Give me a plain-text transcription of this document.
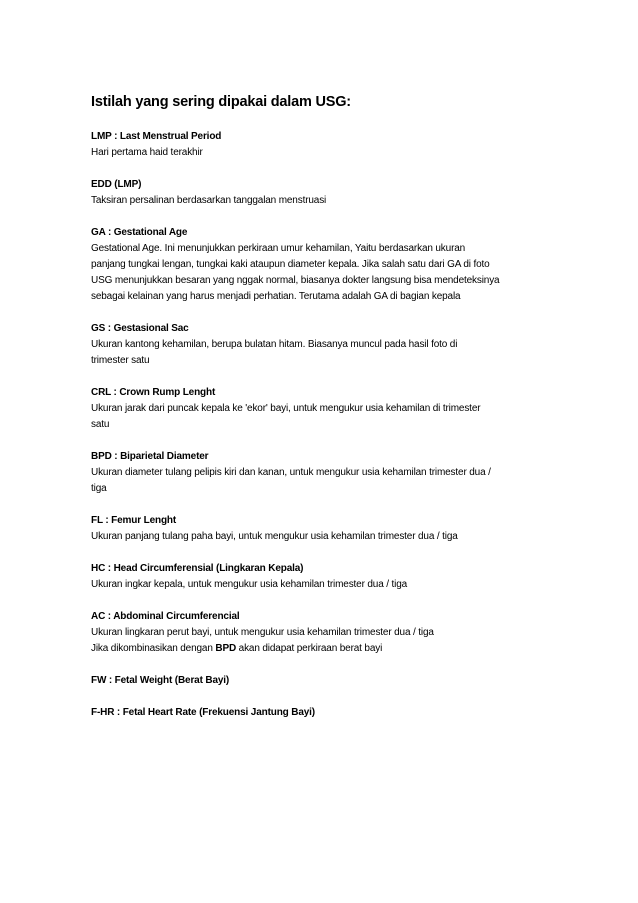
Istilah yang sering dipakai dalam USG:
LMP : Last Menstrual Period
Hari pertama haid terakhir
EDD (LMP)
Taksiran persalinan berdasarkan tanggalan menstruasi
GA : Gestational Age
Gestational Age. Ini menunjukkan perkiraan umur kehamilan, Yaitu berdasarkan ukuran
panjang tungkai lengan, tungkai kaki ataupun diameter kepala. Jika salah satu dari GA di foto
USG menunjukkan besaran yang nggak normal, biasanya dokter langsung bisa mendeteksinya
sebagai kelainan yang harus menjadi perhatian. Terutama adalah GA di bagian kepala
GS : Gestasional Sac
Ukuran kantong kehamilan, berupa bulatan hitam. Biasanya muncul pada hasil foto di
trimester satu
CRL : Crown Rump Lenght
Ukuran jarak dari puncak kepala ke 'ekor' bayi, untuk mengukur usia kehamilan di trimester
satu
BPD : Biparietal Diameter
Ukuran diameter tulang pelipis kiri dan kanan, untuk mengukur usia kehamilan trimester dua /
tiga
FL : Femur Lenght
Ukuran panjang tulang paha bayi, untuk mengukur usia kehamilan trimester dua / tiga
HC : Head Circumferensial (Lingkaran Kepala)
Ukuran ingkar kepala, untuk mengukur usia kehamilan trimester dua / tiga
AC : Abdominal Circumferencial
Ukuran lingkaran perut bayi, untuk mengukur usia kehamilan trimester dua / tiga
Jika dikombinasikan dengan BPD akan didapat perkiraan berat bayi
FW : Fetal Weight (Berat Bayi)
F-HR : Fetal Heart Rate (Frekuensi Jantung Bayi)
